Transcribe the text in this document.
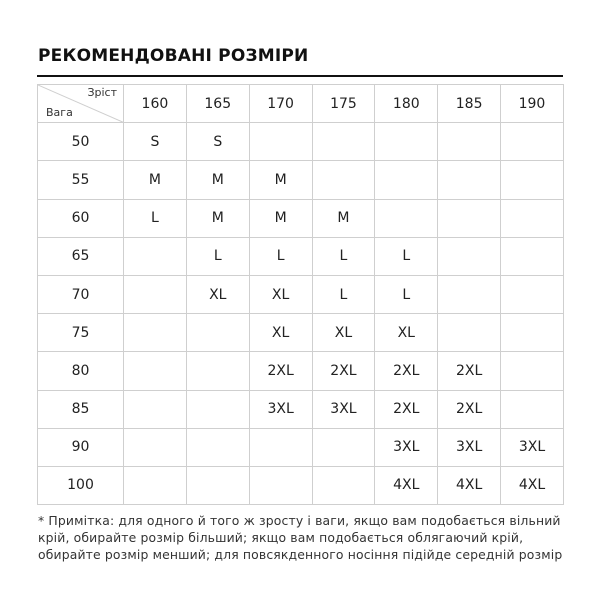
РЕКОМЕНДОВАНІ РОЗМІРИ
Зріст
Вага	160	165	170	175	180	185	190
50	S	S					
55	M	M	M				
60	L	M	M	M			
65		L	L	L	L		
70		XL	XL	L	L		
75			XL	XL	XL		
80			2XL	2XL	2XL	2XL	
85			3XL	3XL	2XL	2XL	
90					3XL	3XL	3XL
100					4XL	4XL	4XL
* Примітка: для одного й того ж зросту і ваги, якщо вам подобається вільний
крій, обирайте розмір більший; якщо вам подобається облягаючий крій,
обирайте розмір менший; для повсякденного носіння підійде середній розмір
